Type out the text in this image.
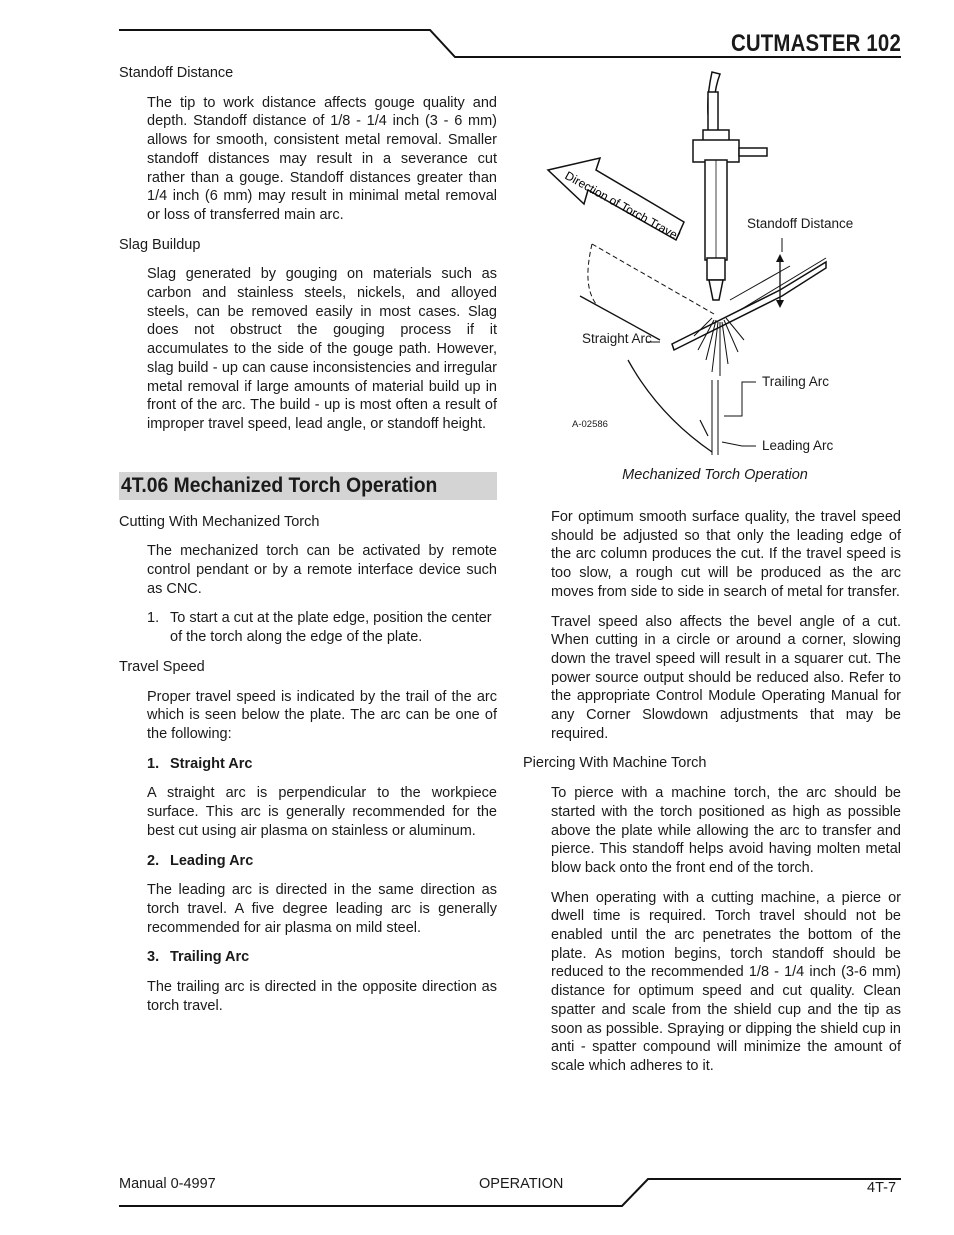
CUTMASTER 102
Standoff Distance

The tip to work distance affects gouge quality and depth. Standoff distance of 1/8 - 1/4 inch (3 - 6 mm) allows for smooth, consistent metal removal. Smaller standoff distances may result in a severance cut rather than a gouge. Standoff distances greater than 1/4 inch (6 mm) may result in minimal metal removal or loss of transferred main arc.

Slag Buildup

Slag generated by gouging on materials such as carbon and stainless steels, nickels, and alloyed steels, can be removed easily in most cases. Slag does not obstruct the gouging process if it accumulates to the side of the gouge path. However, slag build - up can cause inconsistencies and irregular metal removal if large amounts of material build up in front of the arc. The build - up is most often a result of improper travel speed, lead angle, or standoff height.

4T.06 Mechanized Torch Operation
Cutting With Mechanized Torch

The mechanized torch can be activated by remote control pendant or by a remote interface device such as CNC.

1. To start a cut at the plate edge, position the center of the torch along the edge of the plate.
Travel Speed

Proper travel speed is indicated by the trail of the arc which is seen below the plate. The arc can be one of the following:

1. Straight Arc

A straight arc is perpendicular to the workpiece surface. This arc is generally recommended for the best cut using air plasma on stainless or aluminum.

2. Leading Arc

The leading arc is directed in the same direction as torch travel. A five degree leading arc is generally recommended for air plasma on mild steel.

3. Trailing Arc

The trailing arc is directed in the opposite direction as torch travel.

Direction of Torch Travel	Standoff Distance
Straight Arc
Trailing Arc
Leading Arc
A-02586
Mechanized Torch Operation

For optimum smooth surface quality, the travel speed should be adjusted so that only the leading edge of the arc column produces the cut. If the travel speed is too slow, a rough cut will be produced as the arc moves from side to side in search of metal for transfer.

Travel speed also affects the bevel angle of a cut. When cutting in a circle or around a corner, slowing down the travel speed will result in a squarer cut. The power source output should be reduced also. Refer to the appropriate Control Module Operating Manual for any Corner Slowdown adjustments that may be required.

Piercing With Machine Torch

To pierce with a machine torch, the arc should be started with the torch positioned as high as possible above the plate while allowing the arc to transfer and pierce. This standoff helps avoid having molten metal blow back onto the front end of the torch.

When operating with a cutting machine, a pierce or dwell time is required. Torch travel should not be enabled until the arc penetrates the bottom of the plate. As motion begins, torch standoff should be reduced to the recommended 1/8 - 1/4 inch (3-6 mm) distance for optimum speed and cut quality. Clean spatter and scale from the shield cup and the tip as soon as possible. Spraying or dipping the shield cup in anti - spatter compound will minimize the amount of scale which adheres to it.

Manual 0-4997	OPERATION	4T-7
